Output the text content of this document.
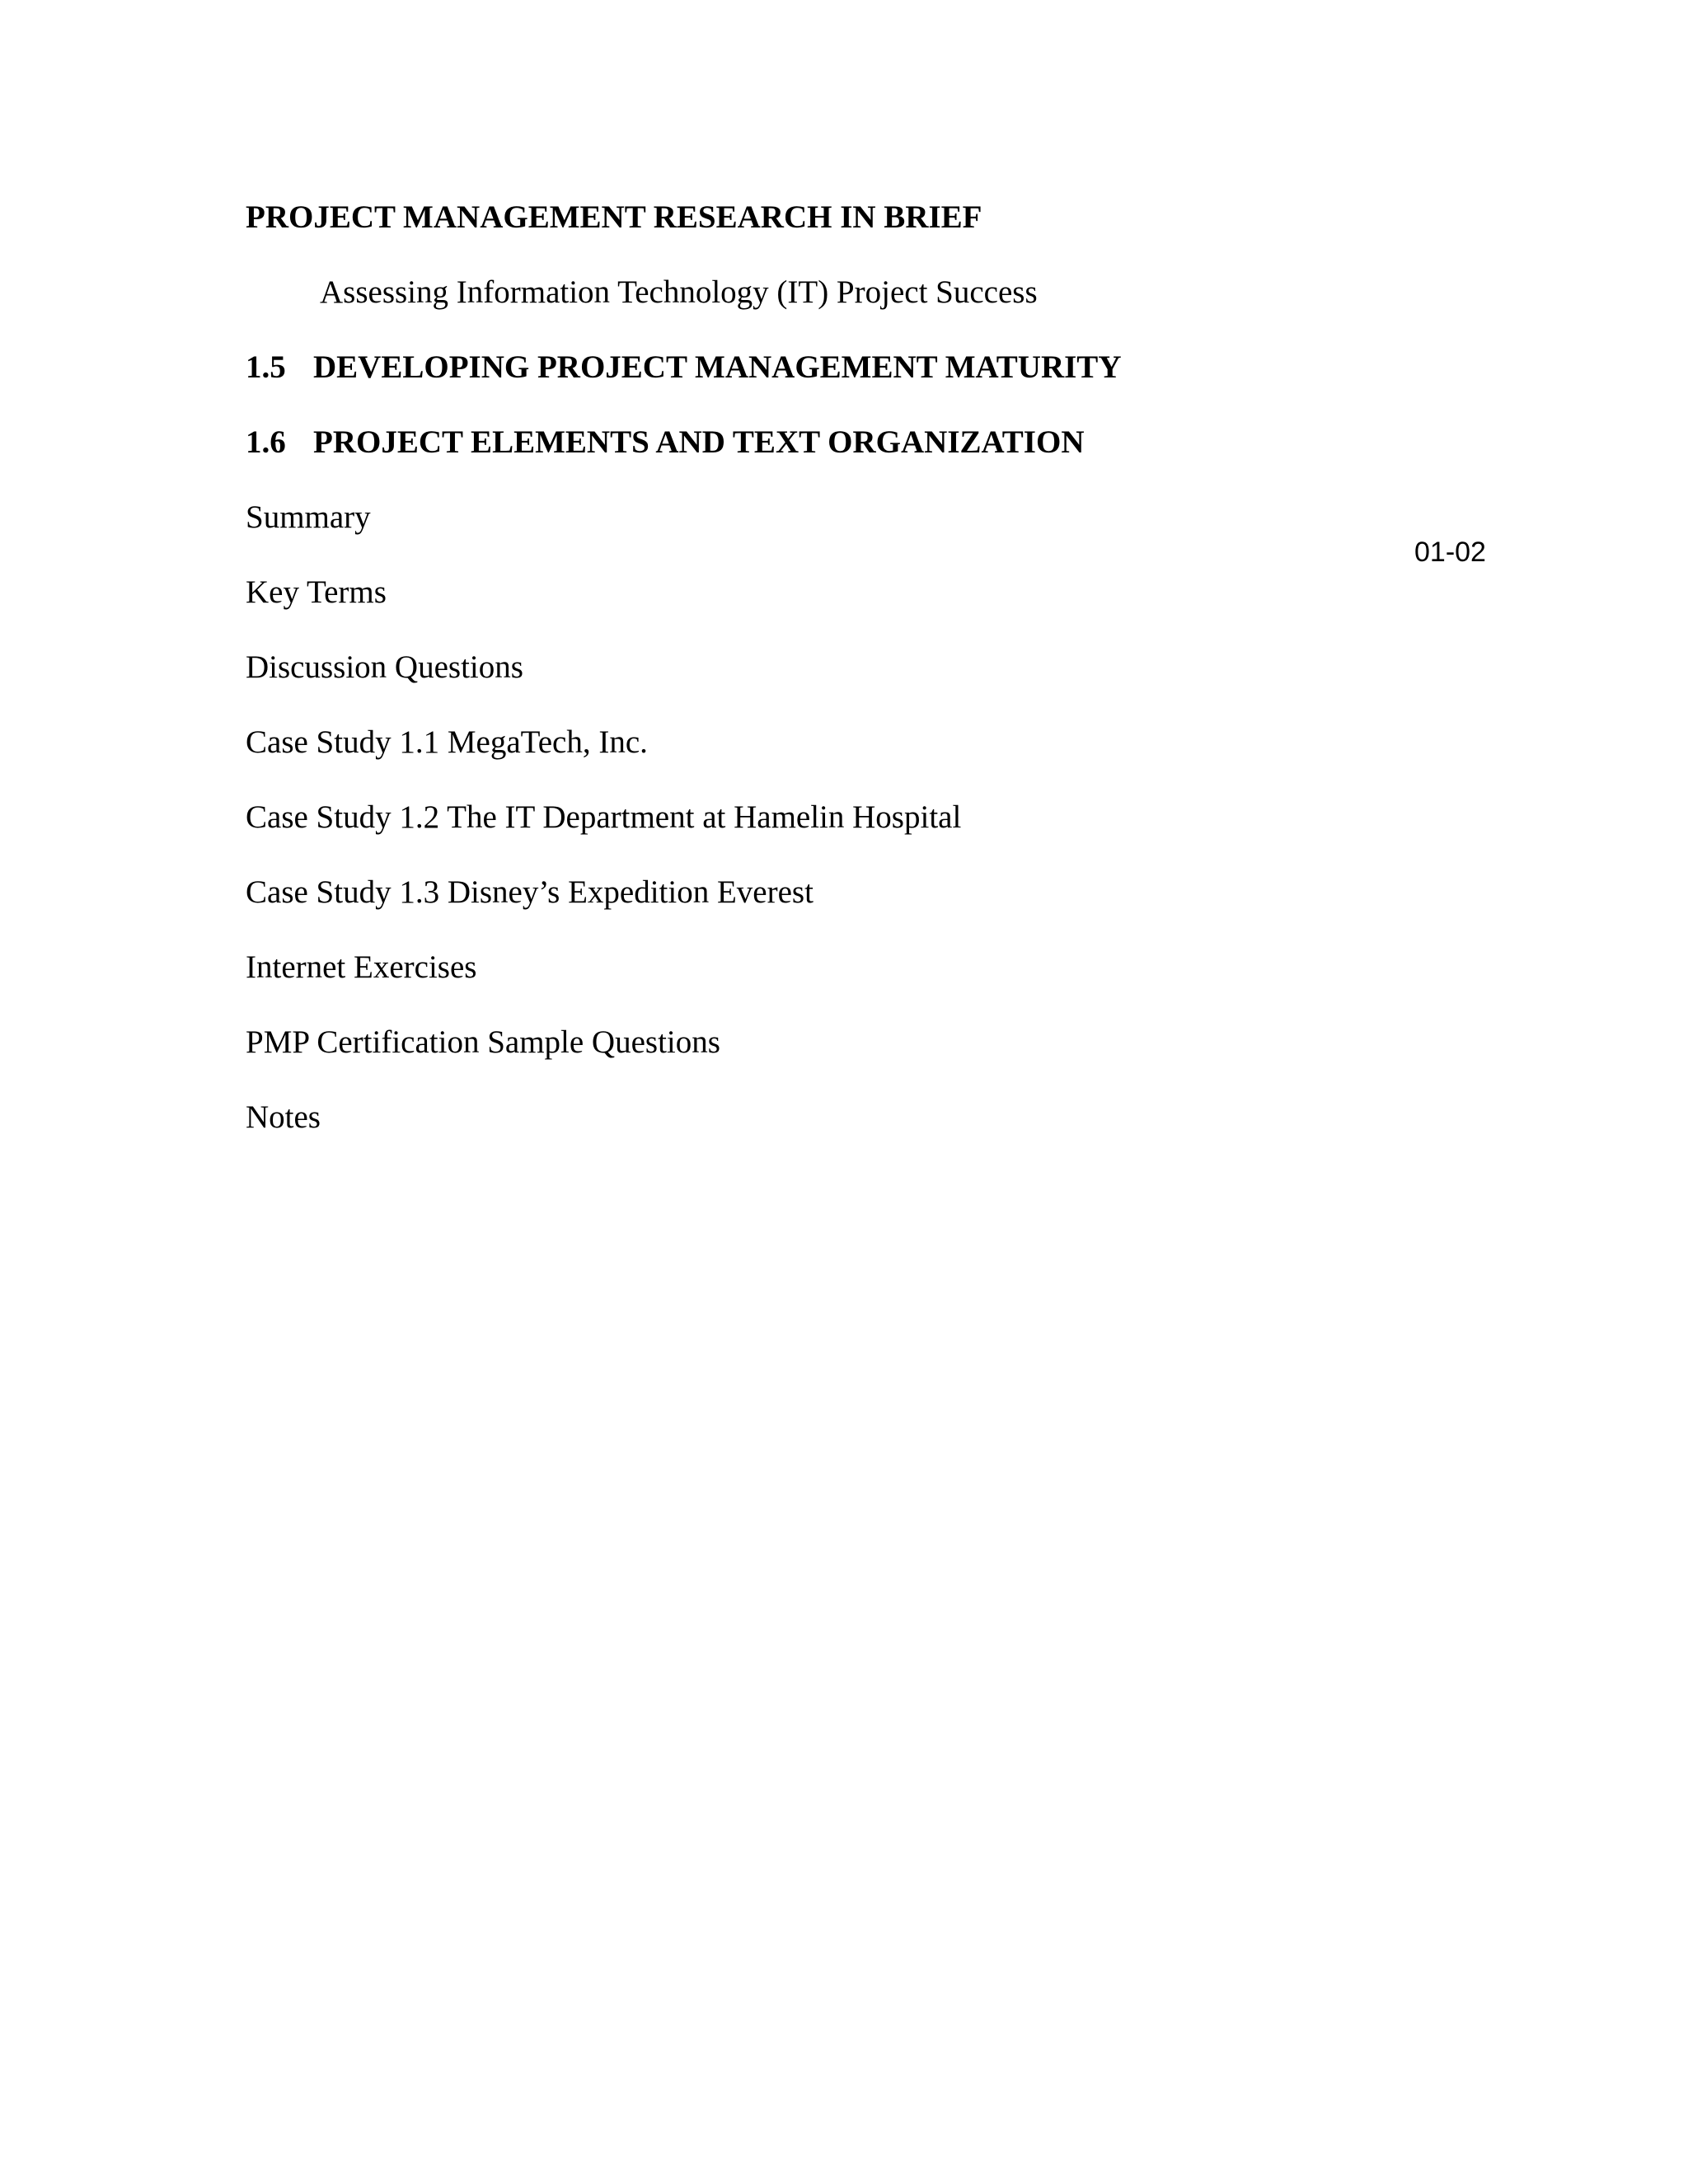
PROJECT MANAGEMENT RESEARCH IN BRIEF
Assessing Information Technology (IT) Project Success
1.5 DEVELOPING PROJECT MANAGEMENT MATURITY
1.6 PROJECT ELEMENTS AND TEXT ORGANIZATION
Summary
01-02
Key Terms
Discussion Questions
Case Study 1.1 MegaTech, Inc.
Case Study 1.2 The IT Department at Hamelin Hospital
Case Study 1.3 Disney’s Expedition Everest
Internet Exercises
PMP Certification Sample Questions
Notes
